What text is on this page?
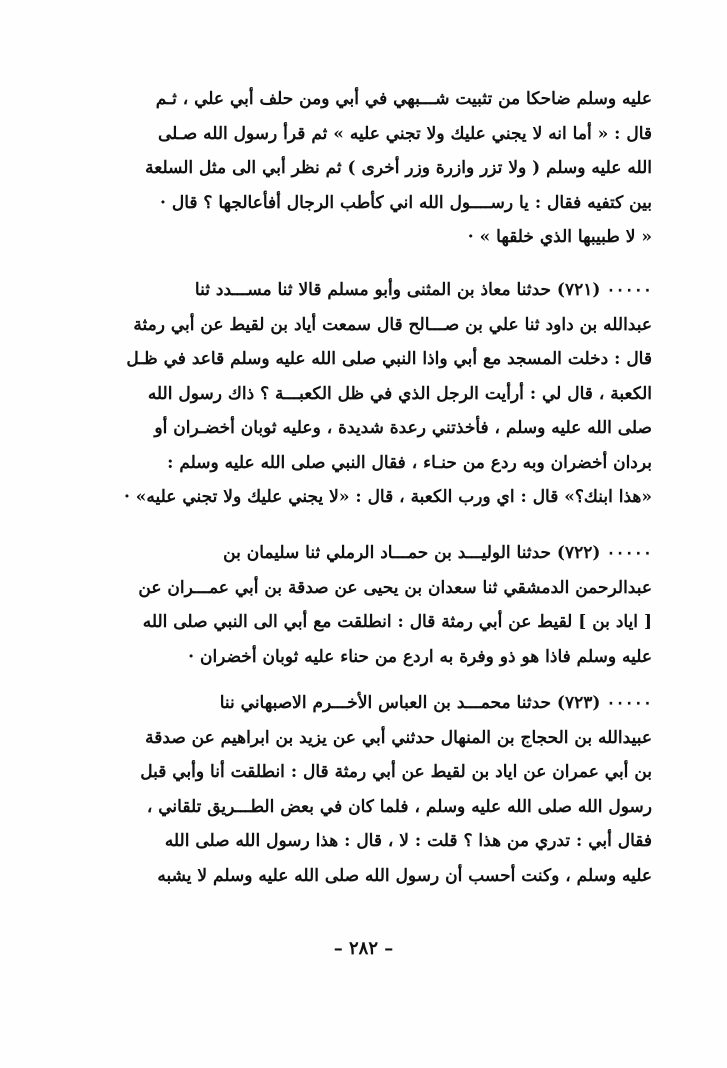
عليه وسلم ضاحكا من تثبيت شـــبهي في أبي ومن حلف أبي علي ، ثـم

قال : « أما انه لا يجني عليك ولا تجني عليه » ثم قرأ رسول الله صـلى

الله عليه وسلم ( ولا تزر وازرة وزر أخرى ) ثم نظر أبي الى مثل السلعة

بين كتفيه فقال : يا رســــول الله اني كأطب الرجال أفأعالجها ؟ قال ·

« لا طبيبها الذي خلقها » ·

٠٠٠٠٠ (٧٢١) حدثنا معاذ بن المثنى وأبو مسلم قالا ثنا مســـدد ثنا

عبدالله بن داود ثنا علي بن صـــالح قال سمعت أياد بن لقيط عن أبي رمثة

قال : دخلت المسجد مع أبي واذا النبي صلى الله عليه وسلم قاعد في ظـل

الكعبة ، قال لي : أرأيت الرجل الذي في ظل الكعبـــة ؟ ذاك رسول الله

صلى الله عليه وسلم ، فأخذتني رعدة شديدة ، وعليه ثوبان أخضـران أو

بردان أخضران وبه ردع من حنـاء ، فقال النبي صلى الله عليه وسلم :

«هذا ابنك؟» قال : اي ورب الكعبة ، قال : «لا يجني عليك ولا تجني عليه» ·

٠٠٠٠٠ (٧٢٢) حدثنا الوليـــد بن حمـــاد الرملي ثنا سليمان بن

عبدالرحمن الدمشقي ثنا سعدان بن يحيى عن صدقة بن أبي عمـــران عن

[ اياد بن ] لقيط عن أبي رمثة قال : انطلقت مع أبي الى النبي صلى الله

عليه وسلم فاذا هو ذو وفرة به اردع من حناء عليه ثوبان أخضران ·

٠٠٠٠٠ (٧٢٣) حدثنا محمـــد بن العباس الأخـــرم الاصبهاني ننا

عبيدالله بن الحجاج بن المنهال حدثني أبي عن يزيد بن ابراهيم عن صدقة

بن أبي عمران عن اياد بن لقيط عن أبي رمثة قال : انطلقت أنا وأبي قبل

رسول الله صلى الله عليه وسلم ، فلما كان في بعض الطـــريق تلقاني ،

فقال أبي : تدري من هذا ؟ قلت : لا ، قال : هذا رسول الله صلى الله

عليه وسلم ، وكنت أحسب أن رسول الله صلى الله عليه وسلم لا يشبه

– ٢٨٢ –
